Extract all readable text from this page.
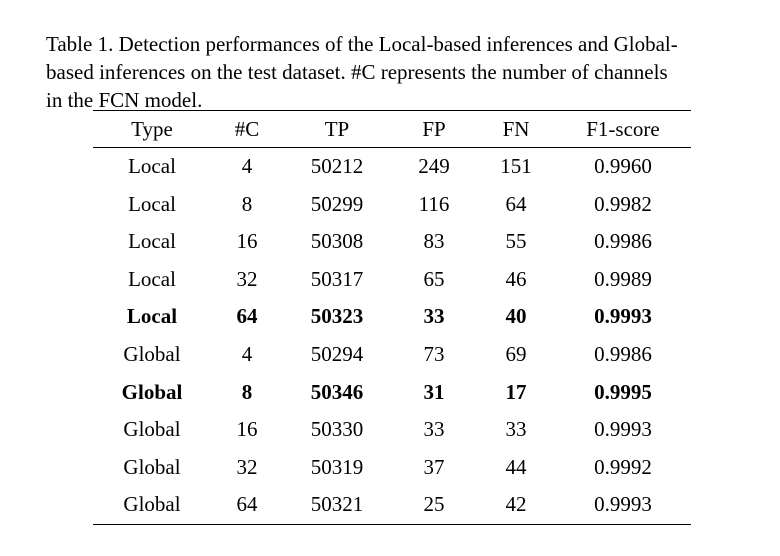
Table 1. Detection performances of the Local-based inferences and Global-
based inferences on the test dataset. #C represents the number of channels
in the FCN model.

Type	#C	TP	FP	FN	F1-score
Local	4	50212	249	151	0.9960
Local	8	50299	116	64	0.9982
Local	16	50308	83	55	0.9986
Local	32	50317	65	46	0.9989
Local	64	50323	33	40	0.9993
Global	4	50294	73	69	0.9986
Global	8	50346	31	17	0.9995
Global	16	50330	33	33	0.9993
Global	32	50319	37	44	0.9992
Global	64	50321	25	42	0.9993
